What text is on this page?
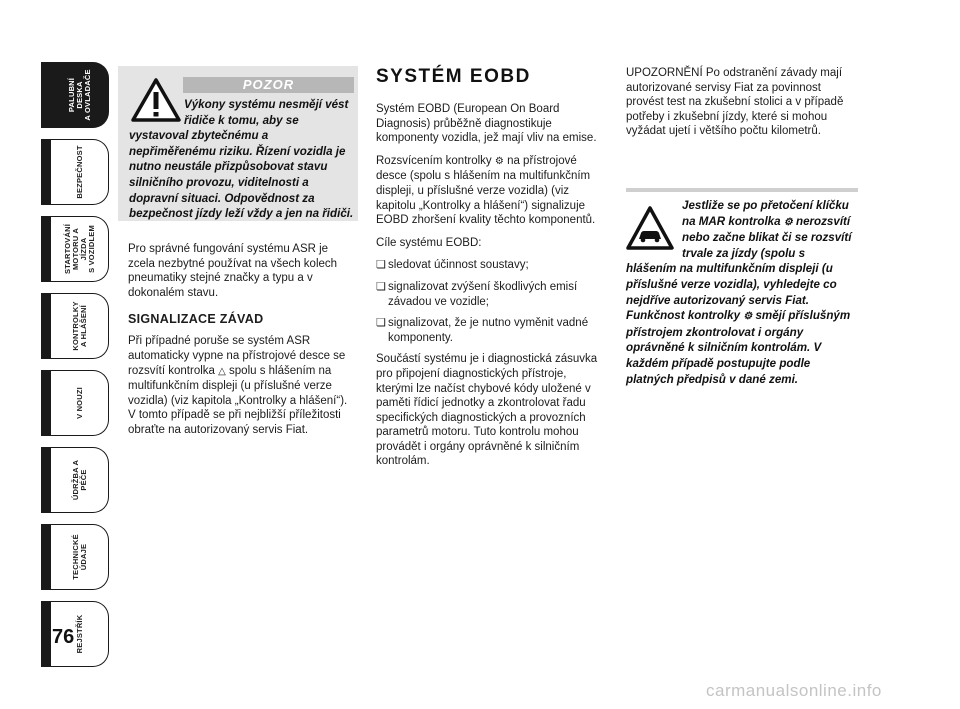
PALUBNÍ DESKA
A OVLADAČE
BEZPEČNOST
STARTOVÁNÍ
MOTORU A JÍZDA
S VOZIDLEM
KONTROLKY
A HLÁŠENÍ
V NOUZI
ÚDRŽBA A PÉČE
TECHNICKÉ ÚDAJE
REJSTŘÍK
76
POZOR
Výkony systému nesmějí vést řidiče k tomu, aby se vystavoval zbytečnému a nepřiměřenému riziku. Řízení vozidla je nutno neustále přizpůsobovat stavu silničního provozu, viditelnosti a dopravní situaci. Odpovědnost za bezpečnost jízdy leží vždy a jen na řidiči.

Pro správné fungování systému ASR je zcela nezbytné používat na všech kolech pneumatiky stejné značky a typu a v dokonalém stavu.

SIGNALIZACE ZÁVAD

Při případné poruše se systém ASR automaticky vypne na přístrojové desce se rozsvítí kontrolka △ spolu s hlášením na multifunkčním displeji (u příslušné verze vozidla) (viz kapitola „Kontrolky a hlášení“). V tomto případě se při nejbližší příležitosti obraťte na autorizovaný servis Fiat.

SYSTÉM EOBD

Systém EOBD (European On Board Diagnosis) průběžně diagnostikuje komponenty vozidla, jež mají vliv na emise.

Rozsvícením kontrolky ⚙ na přístrojové desce (spolu s hlášením na multifunkčním displeji, u příslušné verze vozidla) (viz kapitolu „Kontrolky a hlášení“) signalizuje EOBD zhoršení kvality těchto komponentů.

Cíle systému EOBD:

❏ sledovat účinnost soustavy;
❏ signalizovat zvýšení škodlivých emisí závadou ve vozidle;
❏ signalizovat, že je nutno vyměnit vadné komponenty.

Součástí systému je i diagnostická zásuvka pro připojení diagnostických přístroje, kterými lze načíst chybové kódy uložené v paměti řídicí jednotky a zkontrolovat řadu specifických diagnostických a provozních parametrů motoru. Tuto kontrolu mohou provádět i orgány oprávněné k silničním kontrolám.

UPOZORNĚNÍ Po odstranění závady mají autorizované servisy Fiat za povinnost provést test na zkušební stolici a v případě potřeby i zkušební jízdy, které si mohou vyžádat ujetí i většího počtu kilometrů.

Jestliže se po přetočení klíčku na MAR kontrolka ⚙ nerozsvítí nebo začne blikat či se rozsvítí trvale za jízdy (spolu s hlášením na multifunkčním displeji (u příslušné verze vozidla), vyhledejte co nejdříve autorizovaný servis Fiat. Funkčnost kontrolky ⚙ smějí příslušným přístrojem zkontrolovat i orgány oprávněné k silničním kontrolám. V každém případě postupujte podle platných předpisů v dané zemi.
carmanualsonline.info
